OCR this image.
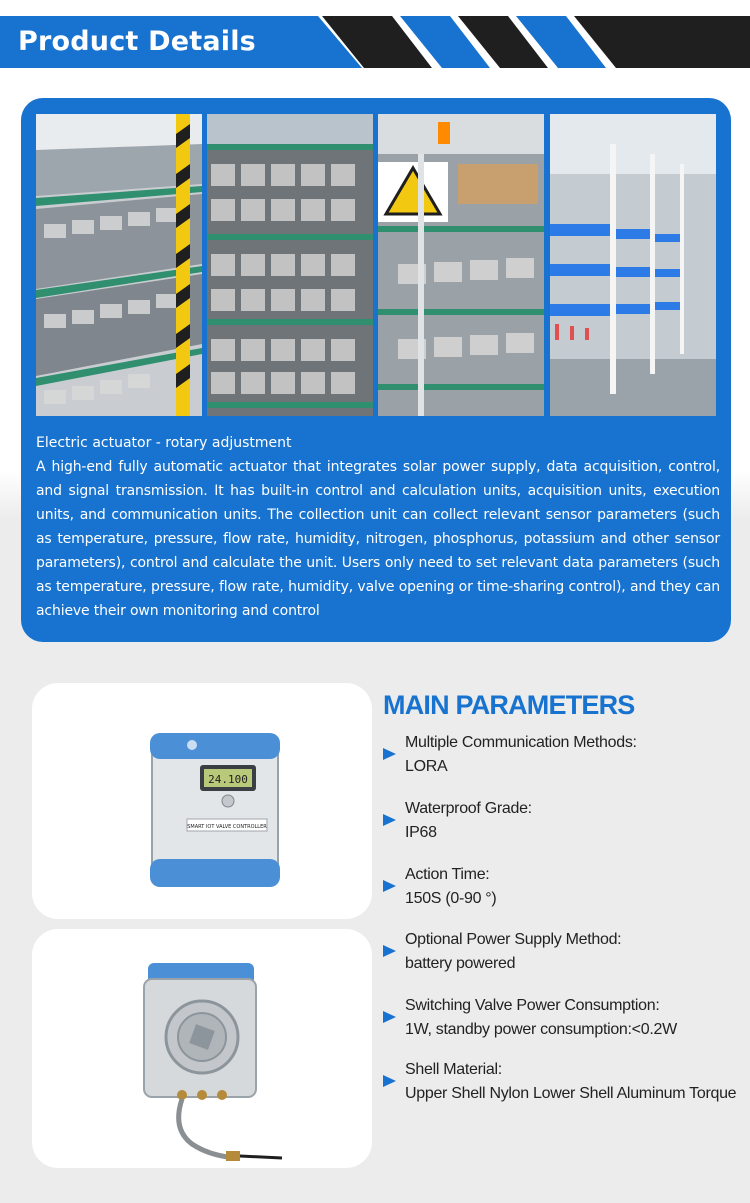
Product Details
Electric actuator - rotary adjustment
A high-end fully automatic actuator that integrates solar power supply, data acquisition, control, and signal transmission. It has built-in control and calculation units, acquisition units, execution units, and communication units. The collection unit can collect relevant sensor parameters (such as temperature, pressure, flow rate, humidity, nitrogen, phosphorus, potassium and other sensor parameters), control and calculate the unit. Users only need to set relevant data parameters (such as temperature, pressure, flow rate, humidity, valve opening or time-sharing control), and they can achieve their own monitoring and control
24.100
SMART IOT VALVE CONTROLLER
MAIN PARAMETERS
Multiple Communication Methods:
LORA
Waterproof Grade:
IP68
Action Time:
150S (0-90 °)
Optional Power Supply Method:
battery powered
Switching Valve Power Consumption:
1W, standby power consumption:<0.2W
Shell Material:
Upper Shell Nylon Lower Shell Aluminum Torque
